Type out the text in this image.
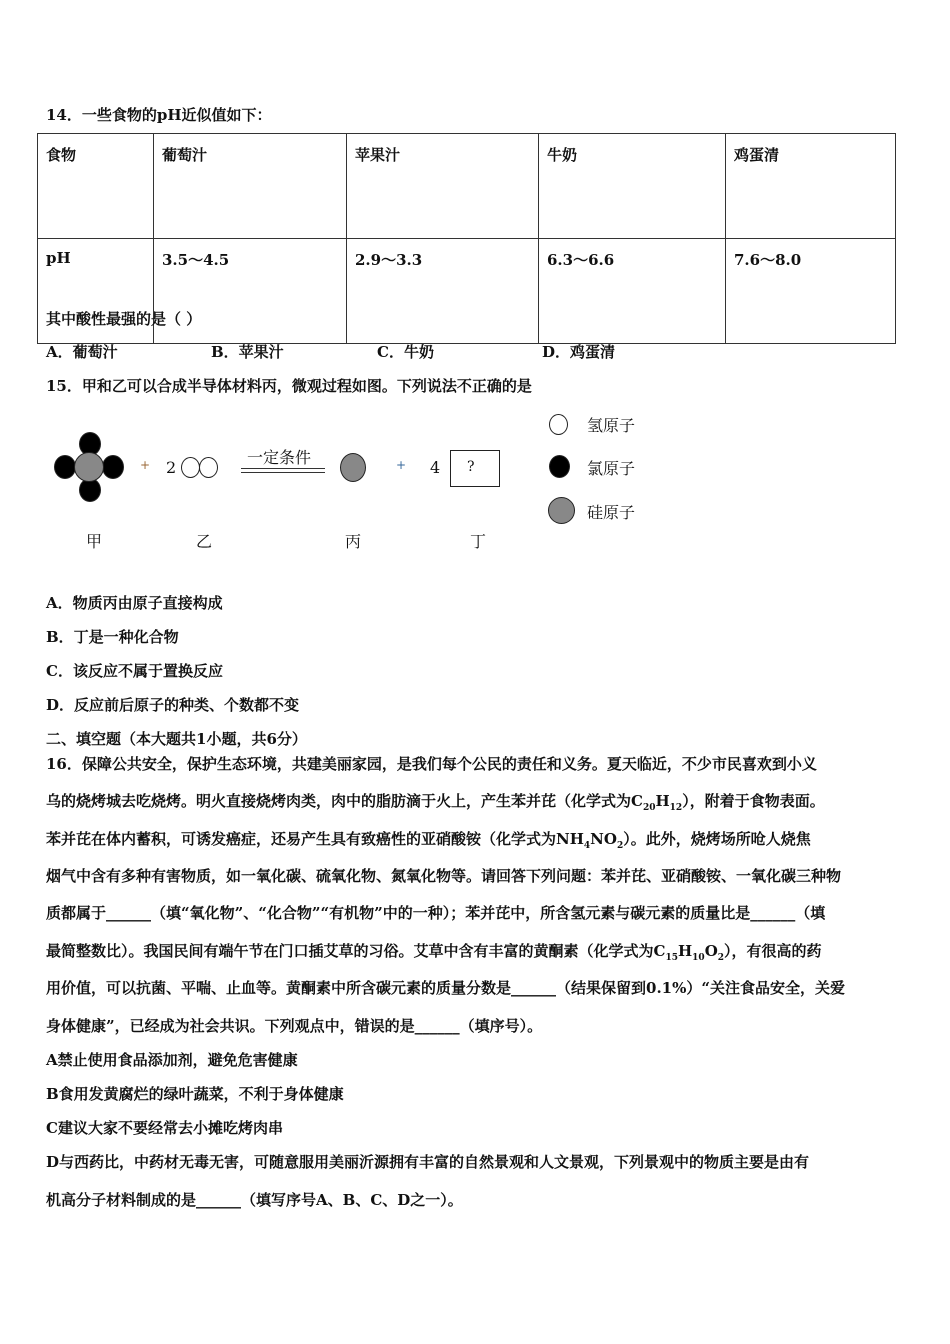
14．一些食物的pH近似值如下：
食物	葡萄汁	苹果汁	牛奶	鸡蛋清
pH	3.5～4.5	2.9～3.3	6.3～6.6	7.6～8.0
其中酸性最强的是（ ）
A．葡萄汁	B．苹果汁	C．牛奶	D．鸡蛋清
15．甲和乙可以合成半导体材料丙，微观过程如图。下列说法不正确的是
+ 2
一定条件	+ 4 ?
甲	乙	丙	丁
氢原子
氯原子
硅原子
A．物质丙由原子直接构成
B．丁是一种化合物
C．该反应不属于置换反应
D．反应前后原子的种类、个数都不变
二、填空题（本大题共1小题，共6分）
16．保障公共安全，保护生态环境，共建美丽家园，是我们每个公民的责任和义务。夏天临近，不少市民喜欢到小义
乌的烧烤城去吃烧烤。明火直接烧烤肉类，肉中的脂肪滴于火上，产生苯并芘（化学式为$C_{20}H_{12}$），附着于食物表面。
苯并芘在体内蓄积，可诱发癌症，还易产生具有致癌性的亚硝酸铵（化学式为$NH_4NO_2$）。此外，烧烤场所呛人烧焦
烟气中含有多种有害物质，如一氧化碳、硫氧化物、氮氧化物等。请回答下列问题：苯并芘、亚硝酸铵、一氧化碳三种物
质都属于______（填“氧化物”、“化合物”“有机物”中的一种）；苯并芘中，所含氢元素与碳元素的质量比是______（填
最简整数比）。我国民间有端午节在门口插艾草的习俗。艾草中含有丰富的黄酮素（化学式为$C_{15}H_{10}O_2$），有很高的药
用价值，可以抗菌、平喘、止血等。黄酮素中所含碳元素的质量分数是______（结果保留到0.1%）“关注食品安全，关爱
身体健康”，已经成为社会共识。下列观点中，错误的是______（填序号）。
A禁止使用食品添加剂，避免危害健康
B食用发黄腐烂的绿叶蔬菜，不利于身体健康
C建议大家不要经常去小摊吃烤肉串
D与西药比，中药材无毒无害，可随意服用美丽沂源拥有丰富的自然景观和人文景观，下列景观中的物质主要是由有
机高分子材料制成的是______（填写序号A、B、C、D之一）。
